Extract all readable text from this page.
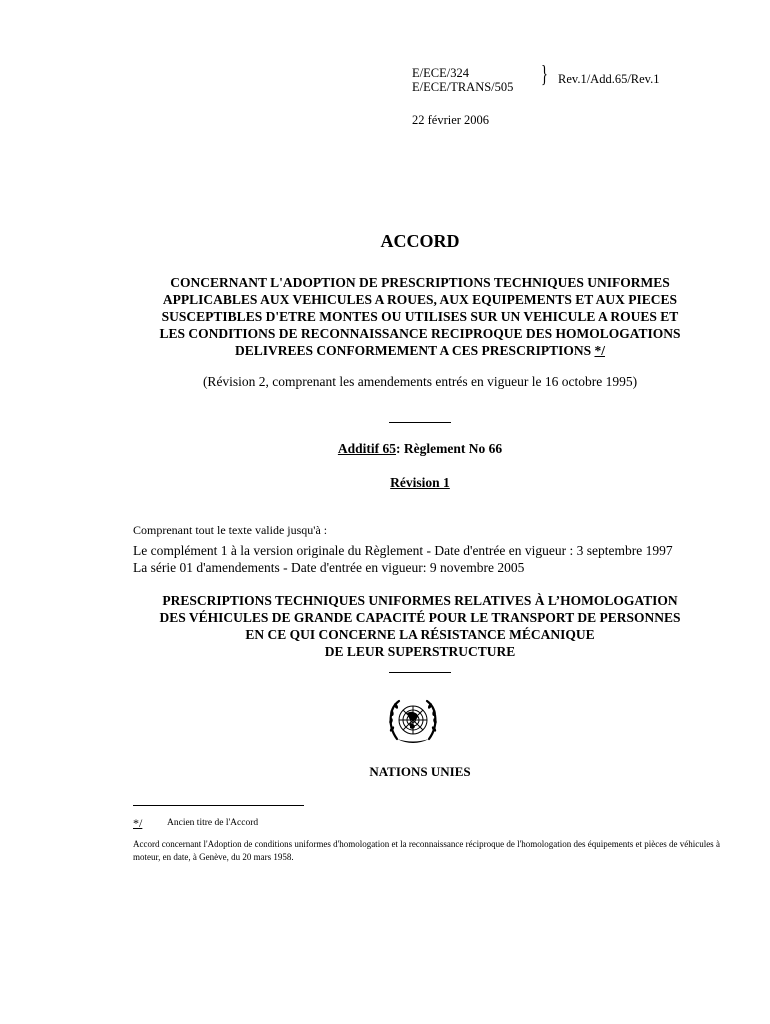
E/ECE/324
E/ECE/TRANS/505 } Rev.1/Add.65/Rev.1
22 février 2006
ACCORD
CONCERNANT L'ADOPTION DE PRESCRIPTIONS TECHNIQUES UNIFORMES
APPLICABLES AUX VEHICULES A ROUES, AUX EQUIPEMENTS ET AUX PIECES
SUSCEPTIBLES D'ETRE MONTES OU UTILISES SUR UN VEHICULE A ROUES ET
LES CONDITIONS DE RECONNAISSANCE RECIPROQUE DES HOMOLOGATIONS
DELIVREES CONFORMEMENT A CES PRESCRIPTIONS */
(Révision 2, comprenant les amendements entrés en vigueur le 16 octobre 1995)
Additif 65: Règlement No 66
Révision 1
Comprenant tout le texte valide jusqu'à :
Le complément 1 à la version originale du Règlement - Date d'entrée en vigueur : 3 septembre 1997
La série 01 d'amendements - Date d'entrée en vigueur: 9 novembre 2005
PRESCRIPTIONS TECHNIQUES UNIFORMES RELATIVES À L’HOMOLOGATION
DES VÉHICULES DE GRANDE CAPACITÉ POUR LE TRANSPORT DE PERSONNES
EN CE QUI CONCERNE LA RÉSISTANCE MÉCANIQUE
DE LEUR SUPERSTRUCTURE
NATIONS UNIES
*/	Ancien titre de l'Accord
Accord concernant l'Adoption de conditions uniformes d'homologation et la reconnaissance réciproque de l'homologation des équipements et pièces de véhicules à moteur, en date, à Genève, du 20 mars 1958.
